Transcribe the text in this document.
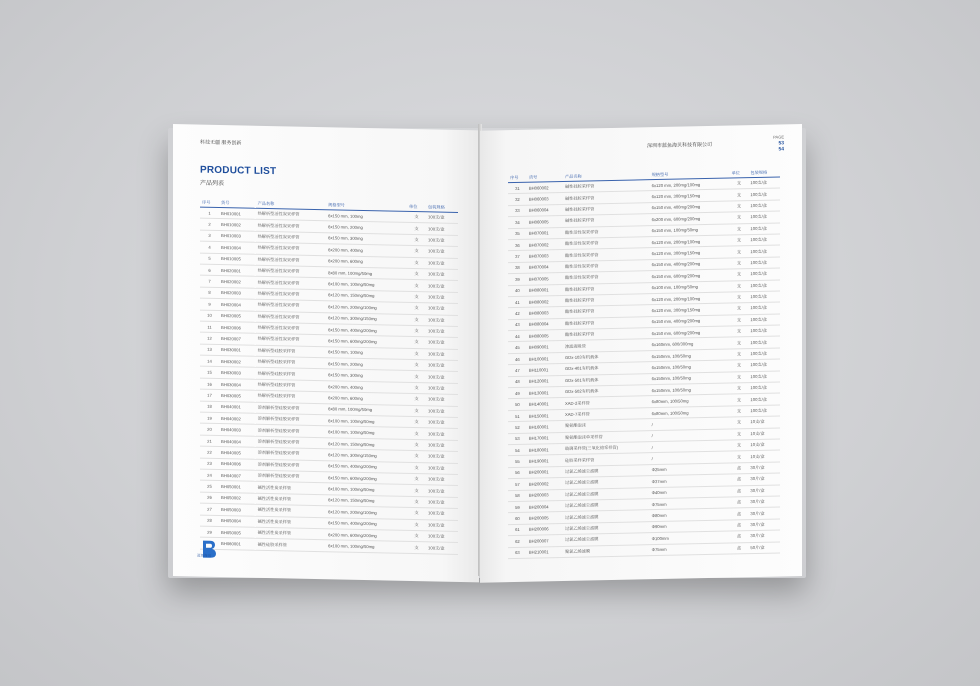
科技无疆 服务创新
PRODUCT LIST
产品列表
序号	货号	产品名称	规格型号	单位	包装规格
1	BH010001	热解析型活性炭采样管	6x150 mm, 100mg	支	100支/盒
2	BH010002	热解析型活性炭采样管	6x150 mm, 200mg	支	100支/盒
3	BH010003	热解析型活性炭采样管	6x150 mm, 300mg	支	100支/盒
4	BH010004	热解析型活性炭采样管	6x200 mm, 400mg	支	100支/盒
5	BH010005	热解析型活性炭采样管	6x200 mm, 600mg	支	100支/盒
6	BH020001	热解析型活性炭采样管	8x80 mm, 100mg/50mg	支	100支/盒
7	BH020002	热解析型活性炭采样管	6x100 mm, 100mg/50mg	支	100支/盒
8	BH020003	热解析型活性炭采样管	6x120 mm, 150mg/50mg	支	100支/盒
9	BH020004	热解析型活性炭采样管	6x120 mm, 200mg/100mg	支	100支/盒
10	BH020005	热解析型活性炭采样管	6x120 mm, 300mg/150mg	支	100支/盒
11	BH020006	热解析型活性炭采样管	6x150 mm, 400mg/200mg	支	100支/盒
12	BH020007	热解析型活性炭采样管	6x150 mm, 600mg/200mg	支	100支/盒
13	BH030001	热解析型硅胶采样管	6x150 mm, 100mg	支	100支/盒
14	BH030002	热解析型硅胶采样管	6x150 mm, 200mg	支	100支/盒
15	BH030003	热解析型硅胶采样管	6x150 mm, 300mg	支	100支/盒
16	BH030004	热解析型硅胶采样管	6x200 mm, 400mg	支	100支/盒
17	BH030005	热解析型硅胶采样管	6x200 mm, 600mg	支	100支/盒
18	BH040001	溶剂解析型硅胶采样管	6x80 mm, 100mg/50mg	支	100支/盒
19	BH040002	溶剂解析型硅胶采样管	6x100 mm, 100mg/50mg	支	100支/盒
20	BH040003	溶剂解析型硅胶采样管	6x100 mm, 100mg/50mg	支	100支/盒
21	BH040004	溶剂解析型硅胶采样管	6x120 mm, 150mg/50mg	支	100支/盒
22	BH040005	溶剂解析型硅胶采样管	6x120 mm, 300mg/150mg	支	100支/盒
23	BH040006	溶剂解析型硅胶采样管	6x150 mm, 400mg/200mg	支	100支/盒
24	BH040007	溶剂解析型硅胶采样管	6x150 mm, 600mg/200mg	支	100支/盒
25	BH050001	碱性活性炭采样管	6x100 mm, 100mg/50mg	支	100支/盒
26	BH050002	碱性活性炭采样管	6x120 mm, 150mg/50mg	支	100支/盒
27	BH050003	碱性活性炭采样管	6x120 mm, 200mg/100mg	支	100支/盒
28	BH050004	碱性活性炭采样管	6x150 mm, 400mg/200mg	支	100支/盒
29	BH050005	碱性活性炭采样管	6x200 mm, 600mg/200mg	支	100支/盒
	BH060001	碱性硅胶采样管	6x100 mm, 100mg/50mg	支	100支/盒
蓝鱼海贝
深圳市蓝鱼海贝科技有限公司
PAGE
53
54
序号	货号	产品名称	规格型号	单位	包装规格
31	BH060002	碱性硅胶采样管	6x120 mm, 200mg/100mg	支	100支/盒
32	BH060003	碱性硅胶采样管	6x120 mm, 300mg/150mg	支	100支/盒
33	BH060004	碱性硅胶采样管	6x150 mm, 400mg/200mg	支	100支/盒
34	BH060005	碱性硅胶采样管	6x200 mm, 600mg/200mg	支	100支/盒
35	BH070001	酸性活性炭采样管	6x150 mm, 100mg/50mg	支	100支/盒
36	BH070002	酸性活性炭采样管	6x120 mm, 200mg/100mg	支	100支/盒
37	BH070003	酸性活性炭采样管	6x120 mm, 300mg/150mg	支	100支/盒
38	BH070004	酸性活性炭采样管	6x150 mm, 400mg/200mg	支	100支/盒
39	BH070005	酸性活性炭采样管	6x150 mm, 600mg/200mg	支	100支/盒
40	BH080001	酸性硅胶采样管	6x100 mm, 100mg/50mg	支	100支/盒
41	BH080002	酸性硅胶采样管	6x120 mm, 200mg/100mg	支	100支/盒
42	BH080003	酸性硅胶采样管	6x120 mm, 300mg/150mg	支	100支/盒
43	BH080004	酸性硅胶采样管	6x150 mm, 400mg/200mg	支	100支/盒
44	BH080005	酸性硅胶采样管	6x150 mm, 600mg/200mg	支	100支/盒
45	BH090001	渗滤液吸管	6x160mm, 600/300mg	支	100支/盒
46	BH100001	GDx-103有机载体	6x150mm, 100/50mg	支	100支/盒
47	BH110001	GDx-401有机载体	6x150mm, 100/50mg	支	100支/盒
48	BH120001	GDx-501有机载体	6x150mm, 100/50mg	支	100支/盒
49	BH130001	GDx-502有机载体	6x150mm, 100/50mg	支	100支/盒
50	BH140001	XAD-2采样管	6x80mm, 100/50mg	支	100支/盒
51	BH150001	XAD-7采样管	6x80mm, 100/50mg	支	100支/盒
52	BH160001	聚氨酯泡沫	/	支	10支/盒
53	BH170001	聚氨酯泡沫单采样管	/	支	10支/盒
54	BH180001	玻璃采样管(三氧化铬采样管)	/	支	10支/盒
55	BH190001	硅胶采样采样管	/	支	10支/盒
56	BH200001	过氯乙烯滤尘滤膜	Φ25mm	盒	30片/盒
57	BH200002	过氯乙烯滤尘滤膜	Φ37mm	盒	30片/盒
58	BH200003	过氯乙烯滤尘滤膜	Φ40mm	盒	30片/盒
59	BH200004	过氯乙烯滤尘滤膜	Φ75mm	盒	30片/盒
60	BH200005	过氯乙烯滤尘滤膜	Φ80mm	盒	30片/盒
61	BH200006	过氯乙烯滤尘滤膜	Φ90mm	盒	30片/盒
62	BH200007	过氯乙烯滤尘滤膜	Φ100mm	盒	30片/盒
63	BH210001	聚氯乙烯滤膜	Φ75mm	盒	50片/盒
